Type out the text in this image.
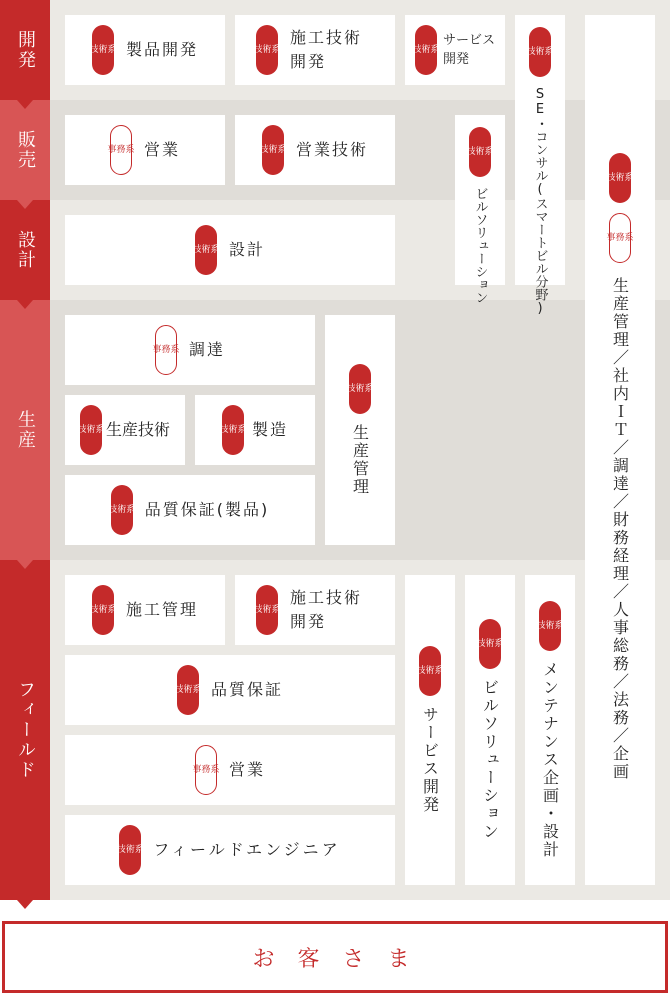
開発
販売
設計
生産
フィールド
技 術 系 製品開発	技 術 系
施工技術開発
技 術 系
サービス開発
技 術 系
SE・コンサル(スマートビル分野)	技 術 系
事 務 系
生産管理／社内ＩＴ／調達／財務経理／人事総務／法務／企画
事 務 系 営業	技 術 系 営業技術	技 術 系
ビルソリューション
技 術 系 設計
事 務 系 調達
技 術 系 生産技術	技 術 系 製造
技 術 系 品質保証(製品)
技 術 系
生産管理
技 術 系 施工管理	技 術 系
施工技術開発
技 術 系 品質保証
事 務 系 営業
技 術 系 フィールドエンジニア
技 術 系
サービス開発
技 術 系
ビルソリューション
技 術 系
メンテナンス企画・設計
お 客 さ ま
